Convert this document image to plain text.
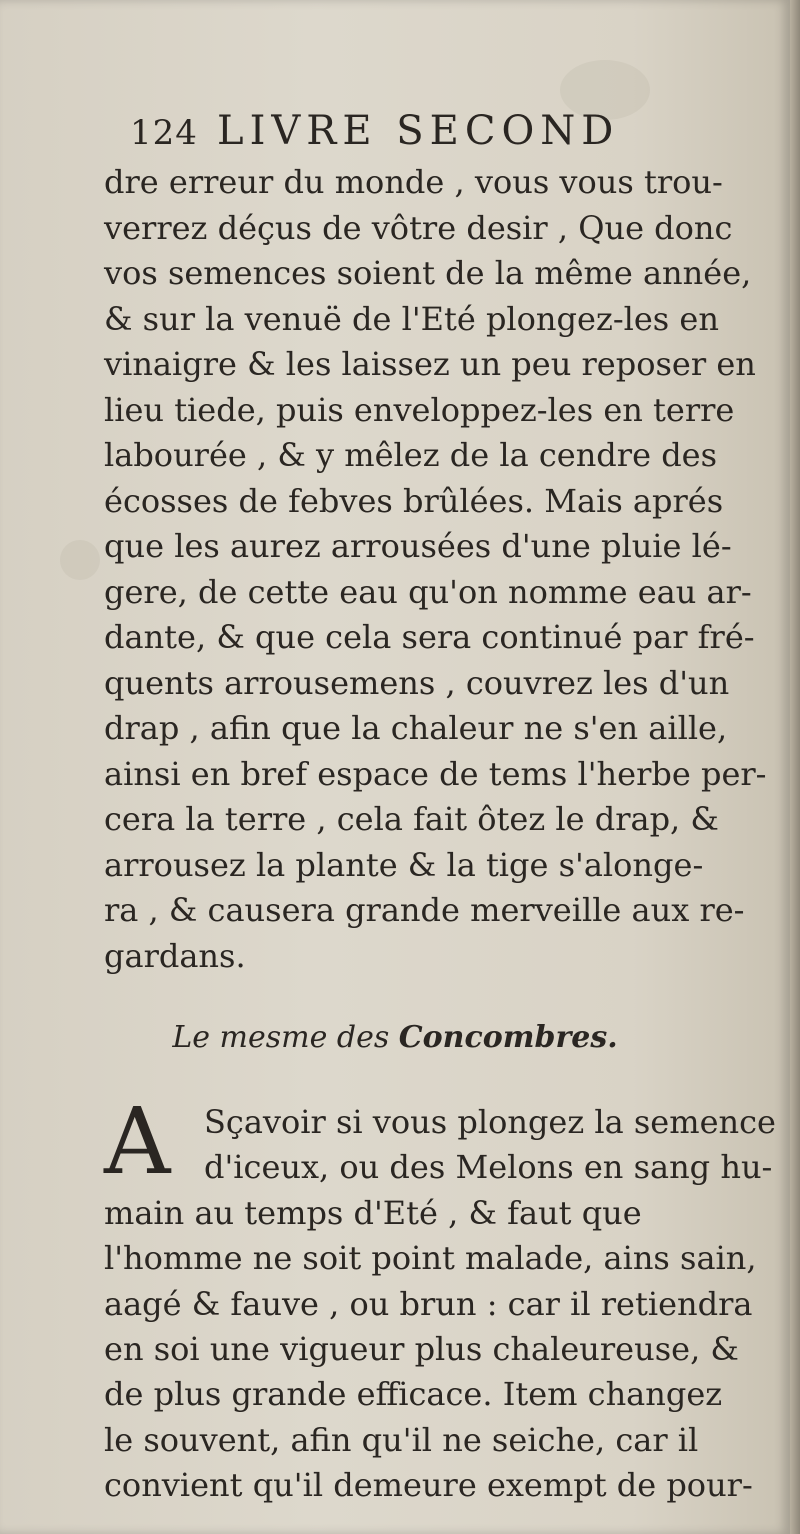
124 LIVRE SECOND
dre erreur du monde , vous vous trou-
verrez déçus de vôtre desir , Que donc
vos semences soient de la même année,
& sur la venuë de l'Eté plongez-les en
vinaigre & les laissez un peu reposer en
lieu tiede, puis enveloppez-les en terre
labourée , & y mêlez de la cendre des
écosses de febves brûlées. Mais aprés
que les aurez arrousées d'une pluie lé-
gere, de cette eau qu'on nomme eau ar-
dante, & que cela sera continué par fré-
quents arrousemens , couvrez les d'un
drap , afin que la chaleur ne s'en aille,
ainsi en bref espace de tems l'herbe per-
cera la terre , cela fait ôtez le drap, &
arrousez la plante & la tige s'alonge-
ra , & causera grande merveille aux re-
gardans.
Le mesme des Concombres.
A Sçavoir si vous plongez la semence
d'iceux, ou des Melons en sang hu-
main au temps d'Eté , & faut que
l'homme ne soit point malade, ains sain,
aagé & fauve , ou brun : car il retiendra
en soi une vigueur plus chaleureuse, &
de plus grande efficace. Item changez
le souvent, afin qu'il ne seiche, car il
convient qu'il demeure exempt de pour-
